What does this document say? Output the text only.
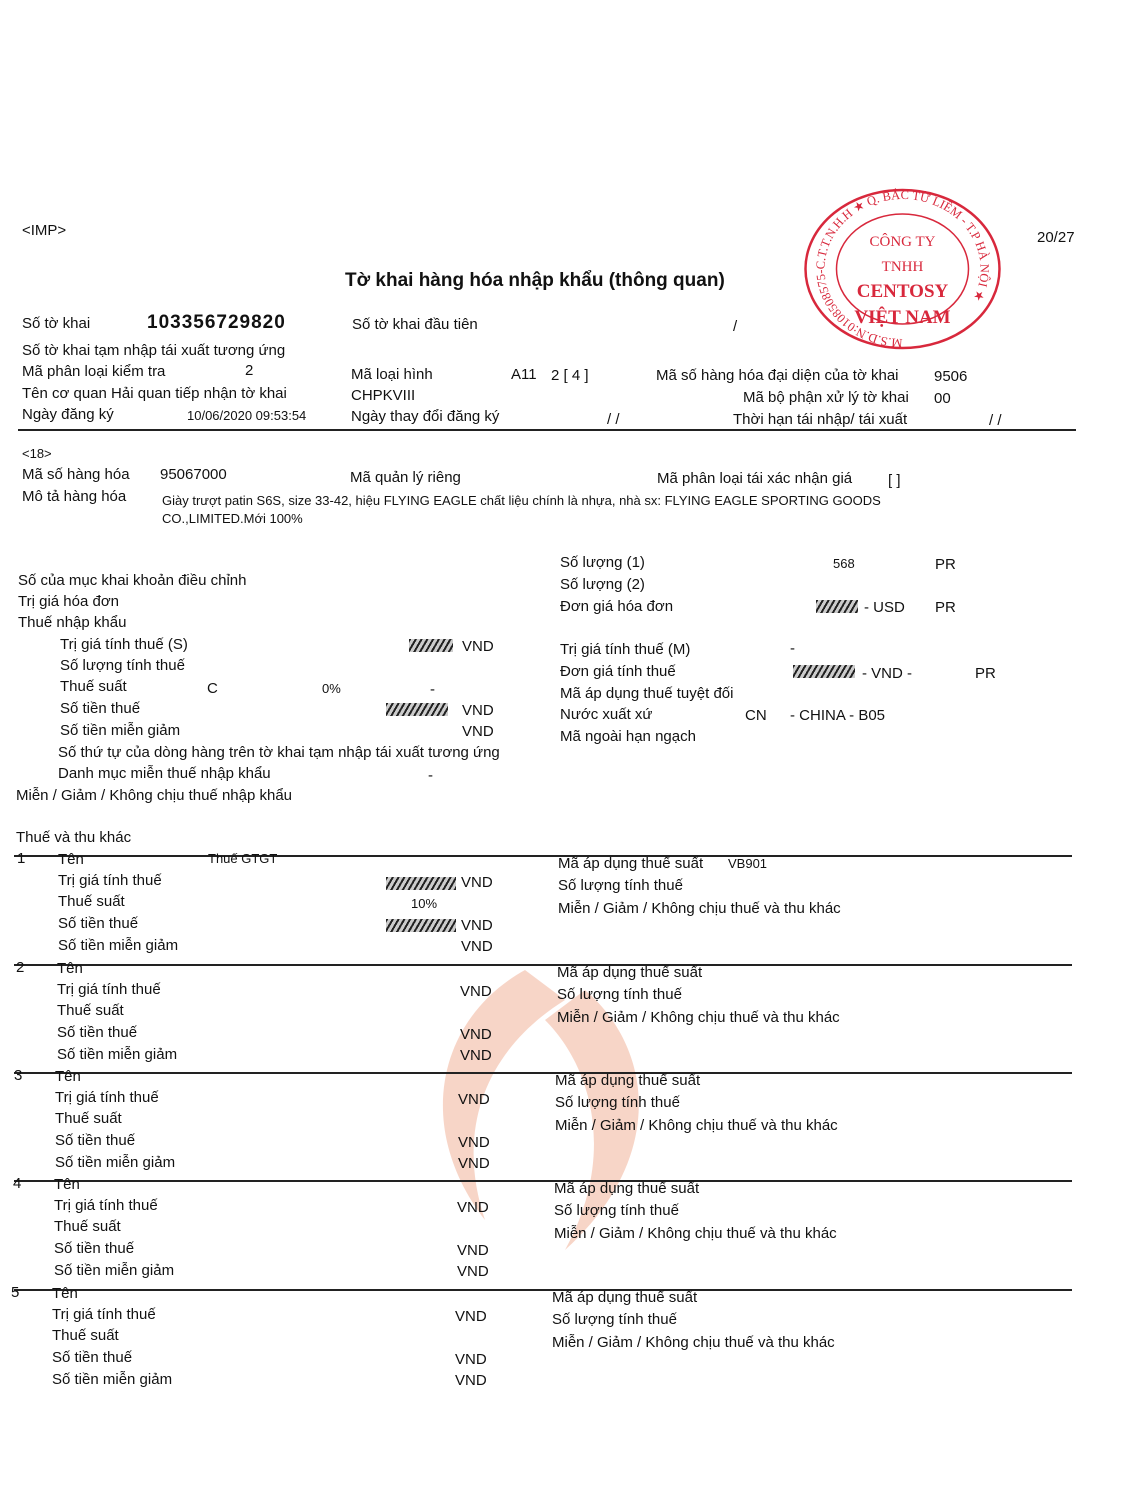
<IMP>	20/27
Tờ khai hàng hóa nhập khẩu (thông quan)
M.S.D.N:0108508575-C.T.T.N.H.H ★ Q. BẮC TỪ LIÊM - T.P HÀ NỘI ★
CÔNG TY
TNHH
CENTOSY
VIỆT NAM
Số tờ khai	103356729820	Số tờ khai đầu tiên	/
Số tờ khai tạm nhập tái xuất tương ứng
Mã phân loại kiểm tra	2	Mã loại hình	A11 2 [ 4 ]	Mã số hàng hóa đại diện của tờ khai 9506
Tên cơ quan Hải quan tiếp nhận tờ khai	CHPKVIII	Mã bộ phận xử lý tờ khai 00
Ngày đăng ký	10/06/2020 09:53:54	Ngày thay đổi đăng ký	/ /	Thời hạn tái nhập/ tái xuất	/ /
<18>
Mã số hàng hóa 95067000	Mã quản lý riêng	Mã phân loại tái xác nhận giá [ ]
Mô tả hàng hóa	Giày trượt patin S6S, size 33-42, hiệu FLYING EAGLE chất liệu chính là nhựa, nhà sx: FLYING EAGLE SPORTING GOODS
CO.,LIMITED.Mới 100%
Số lượng (1)	568	PR
Số lượng (2)
Đơn giá hóa đơn	- USD PR
Số của mục khai khoản điều chỉnh
Trị giá hóa đơn
Thuế nhập khẩu
Trị giá tính thuế (S)	VND
Số lượng tính thuế
Thuế suất	C	0%	-
Số tiền thuế	VND
Số tiền miễn giảm	VND
Số thứ tự của dòng hàng trên tờ khai tạm nhập tái xuất tương ứng
Danh mục miễn thuế nhập khẩu	-
Miễn / Giảm / Không chịu thuế nhập khẩu
Trị giá tính thuế (M)	-
Đơn giá tính thuế	- VND -	PR
Mã áp dụng thuế tuyệt đối
Nước xuất xứ	CN - CHINA - B05
Mã ngoài hạn ngạch
Thuế và thu khác
1 Tên	Thuế GTGT
Trị giá tính thuế	VND
Thuế suất	10%
Số tiền thuế	VND
Số tiền miễn giảm	VND
Mã áp dụng thuế suất VB901
Số lượng tính thuế
Miễn / Giảm / Không chịu thuế và thu khác
2 Tên
Trị giá tính thuế	VND
Thuế suất
Số tiền thuế	VND
Số tiền miễn giảm	VND
Mã áp dụng thuế suất
Số lượng tính thuế
Miễn / Giảm / Không chịu thuế và thu khác
3 Tên
Trị giá tính thuế	VND
Thuế suất
Số tiền thuế	VND
Số tiền miễn giảm	VND
Mã áp dụng thuế suất
Số lượng tính thuế
Miễn / Giảm / Không chịu thuế và thu khác
4 Tên
Trị giá tính thuế	VND
Thuế suất
Số tiền thuế	VND
Số tiền miễn giảm	VND
Mã áp dụng thuế suất
Số lượng tính thuế
Miễn / Giảm / Không chịu thuế và thu khác
5 Tên
Trị giá tính thuế	VND
Thuế suất
Số tiền thuế	VND
Số tiền miễn giảm	VND
Mã áp dụng thuế suất
Số lượng tính thuế
Miễn / Giảm / Không chịu thuế và thu khác
